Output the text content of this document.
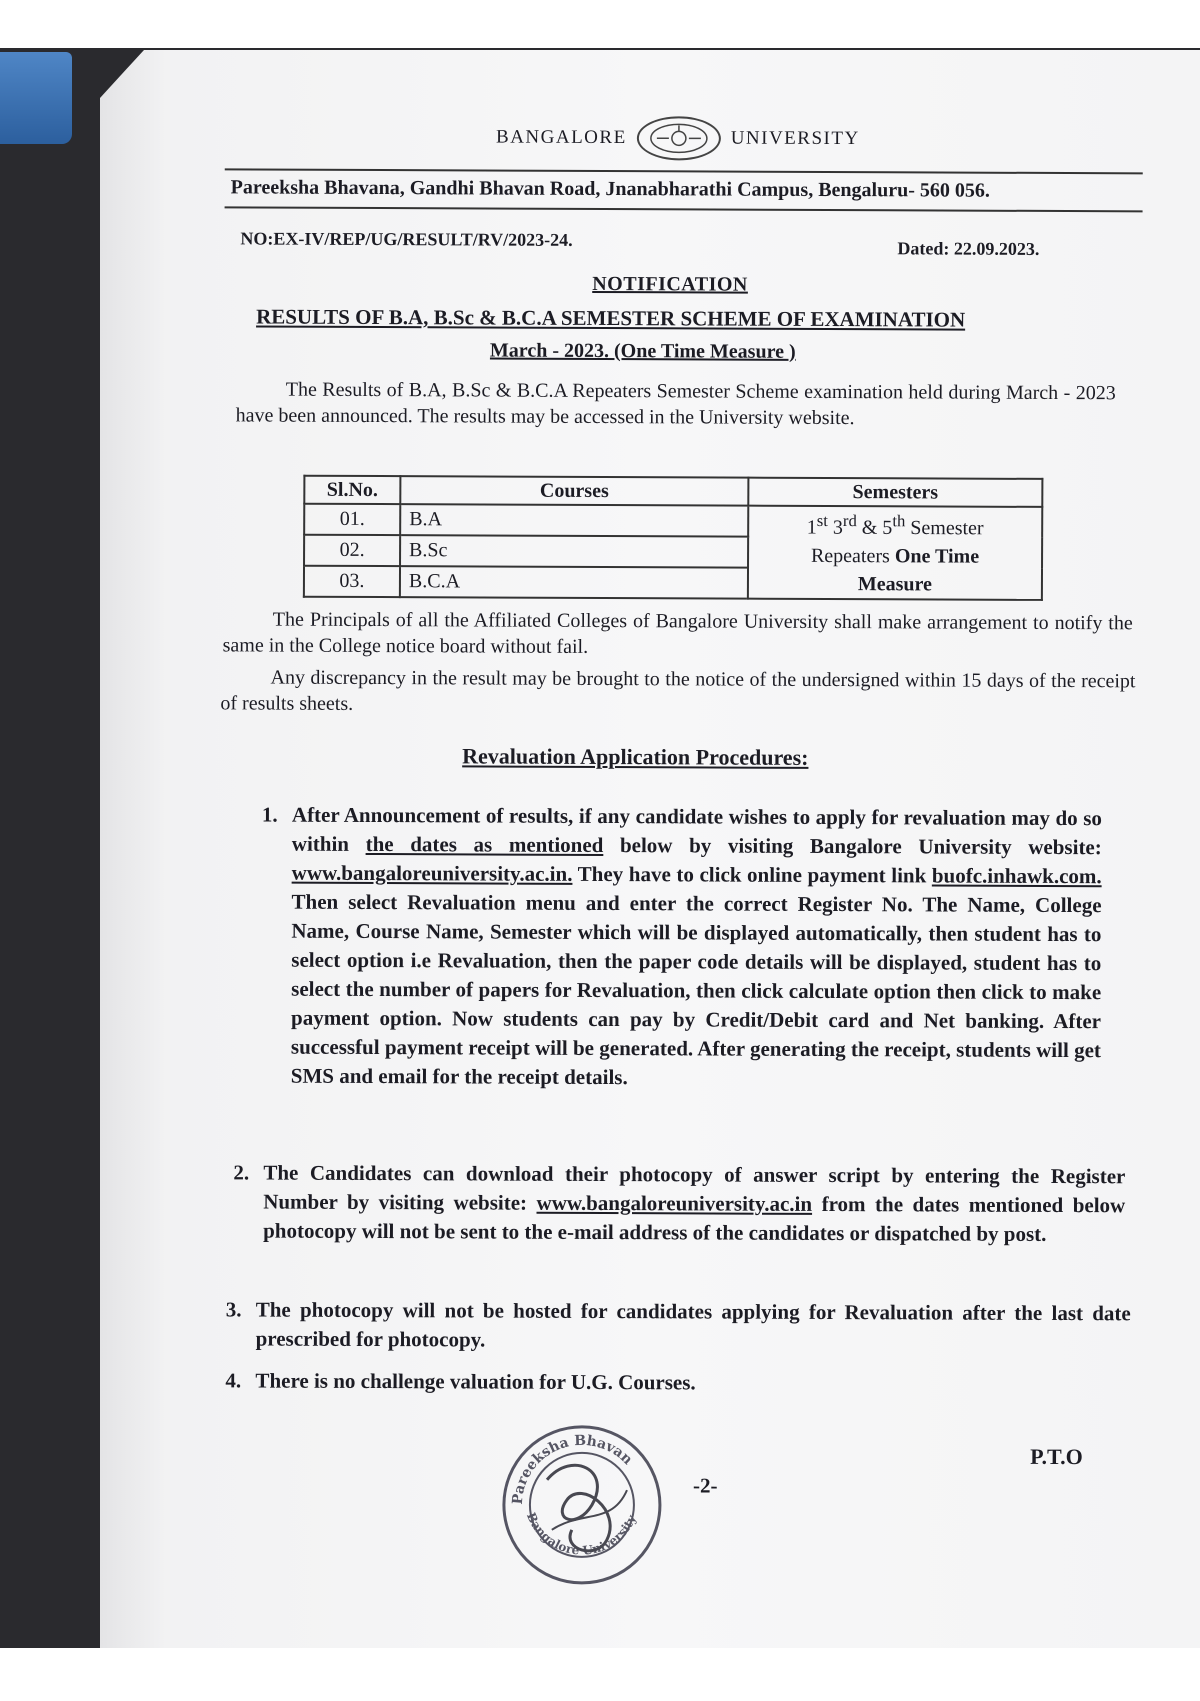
BANGALORE	UNIVERSITY
Pareeksha Bhavana, Gandhi Bhavan Road, Jnanabharathi Campus, Bengaluru- 560 056.
NO:EX-IV/REP/UG/RESULT/RV/2023-24.	Dated: 22.09.2023.
NOTIFICATION
RESULTS OF B.A, B.Sc & B.C.A SEMESTER SCHEME OF EXAMINATION
March - 2023. (One Time Measure )
The Results of B.A, B.Sc & B.C.A Repeaters Semester Scheme examination held during March - 2023 have been announced. The results may be accessed in the University website.
Sl.No.	Courses	Semesters
01.	B.A	1st 3rd & 5th Semester
Repeaters One Time
Measure

02.	B.Sc	
03.	B.C.A	
The Principals of all the Affiliated Colleges of Bangalore University shall make arrangement to notify the same in the College notice board without fail.
Any discrepancy in the result may be brought to the notice of the undersigned within 15 days of the receipt of results sheets.
Revaluation Application Procedures:
1. After Announcement of results, if any candidate wishes to apply for revaluation may do so within the dates as mentioned below by visiting Bangalore University website: www.bangaloreuniversity.ac.in. They have to click online payment link buofc.inhawk.com. Then select Revaluation menu and enter the correct Register No. The Name, College Name, Course Name, Semester which will be displayed automatically, then student has to select option i.e Revaluation, then the paper code details will be displayed, student has to select the number of papers for Revaluation, then click calculate option then click to make payment option. Now students can pay by Credit/Debit card and Net banking. After successful payment receipt will be generated. After generating the receipt, students will get SMS and email for the receipt details.
2. The Candidates can download their photocopy of answer script by entering the Register Number by visiting website: www.bangaloreuniversity.ac.in from the dates mentioned below photocopy will not be sent to the e-mail address of the candidates or dispatched by post.
3. The photocopy will not be hosted for candidates applying for Revaluation after the last date prescribed for photocopy.
4. There is no challenge valuation for U.G. Courses.
Pareeksha Bhavan
Bangalore University
-2-
P.T.O
